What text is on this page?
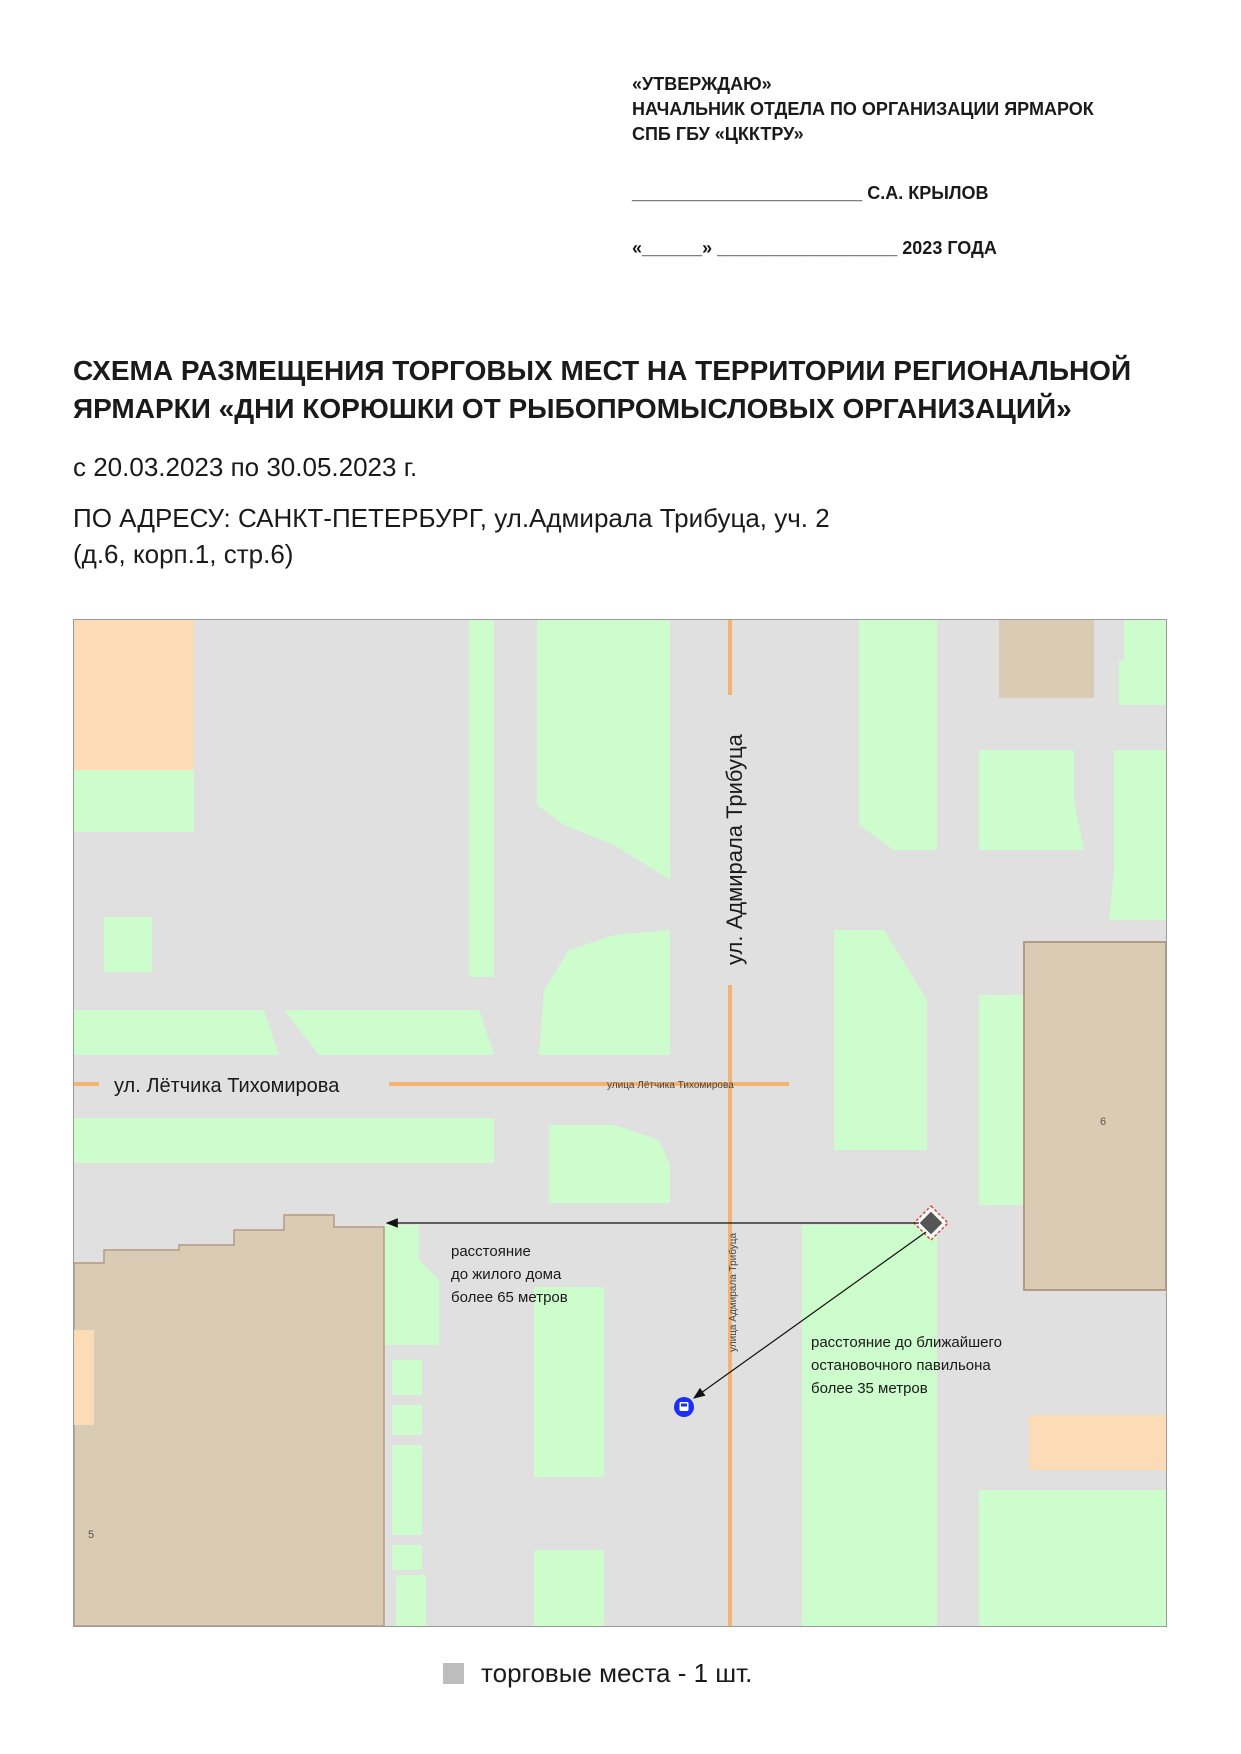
«УТВЕРЖДАЮ»
НАЧАЛЬНИК ОТДЕЛА ПО ОРГАНИЗАЦИИ ЯРМАРОК
СПБ ГБУ «ЦККТРУ»
_______________________ С.А. КРЫЛОВ
«______» __________________ 2023 ГОДА
СХЕМА РАЗМЕЩЕНИЯ ТОРГОВЫХ МЕСТ НА ТЕРРИТОРИИ РЕГИОНАЛЬНОЙ
ЯРМАРКИ «ДНИ КОРЮШКИ ОТ РЫБОПРОМЫСЛОВЫХ ОРГАНИЗАЦИЙ»
с 20.03.2023 по 30.05.2023 г.
ПО АДРЕСУ: САНКТ-ПЕТЕРБУРГ, ул.Адмирала Трибуца, уч. 2
(д.6, корп.1, стр.6)
6
5
ул. Адмирала Трибуца
ул. Лётчика Тихомирова	улица Лётчика Тихомирова
улица Адмирала Трибуца
расстояние
до жилого дома
более 65 метров
расстояние до ближайшего
остановочного павильона
более 35 метров
торговые места - 1 шт.
